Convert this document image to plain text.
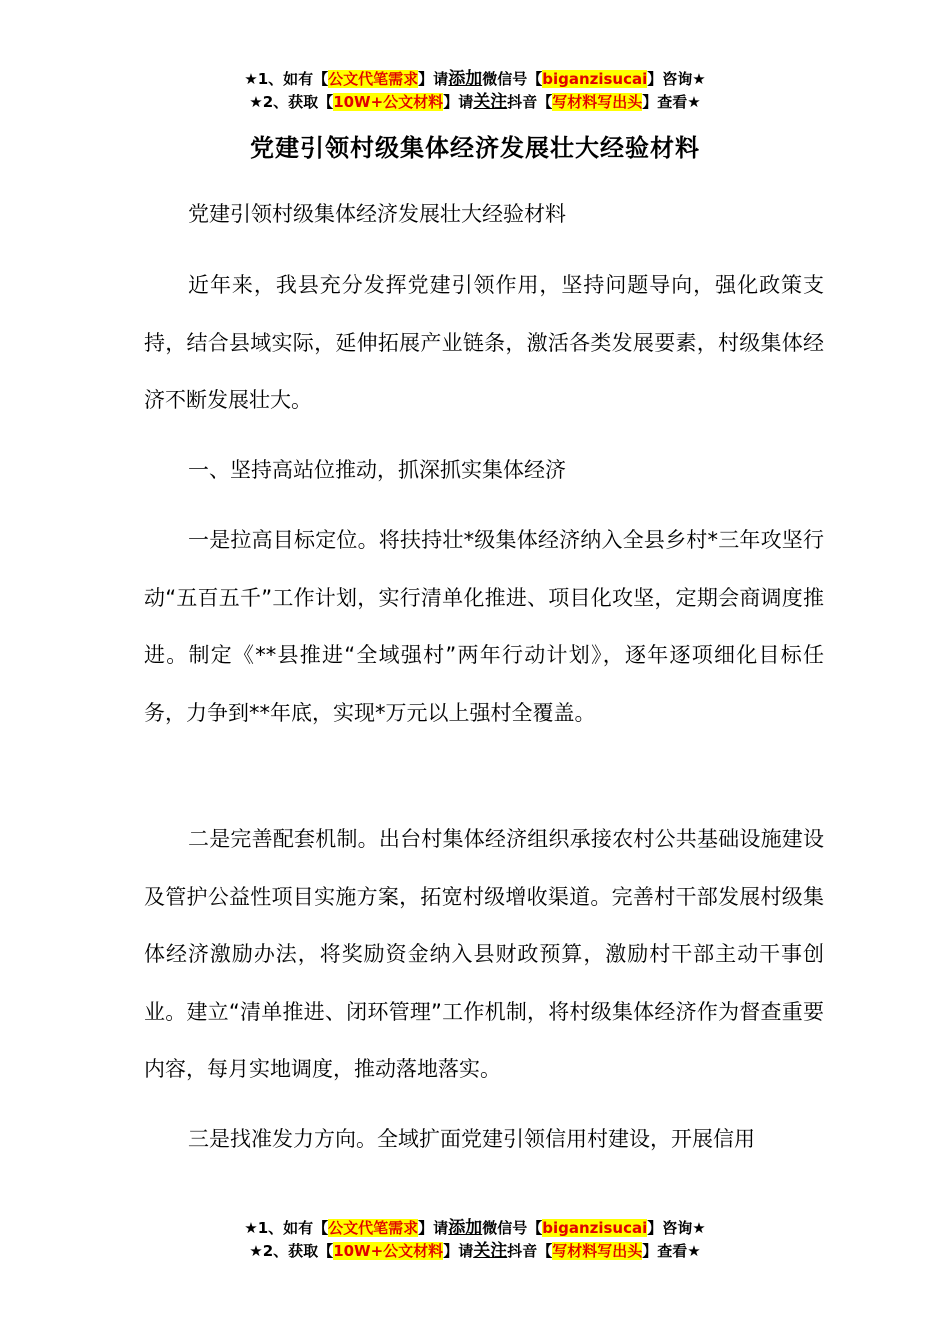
★1、如有【公文代笔需求】请添加微信号【biganzisucai】咨询★
★2、获取【10W+公文材料】请关注抖音【写材料写出头】查看★
党建引领村级集体经济发展壮大经验材料

党建引领村级集体经济发展壮大经验材料

近年来，我县充分发挥党建引领作用，坚持问题导向，强化政策支持，结合县域实际，延伸拓展产业链条，激活各类发展要素，村级集体经济不断发展壮大。

一、坚持高站位推动，抓深抓实集体经济

一是拉高目标定位。将扶持壮*级集体经济纳入全县乡村*三年攻坚行动“五百五千”工作计划，实行清单化推进、项目化攻坚，定期会商调度推进。制定《**县推进“全域强村”两年行动计划》，逐年逐项细化目标任务，力争到**年底，实现*万元以上强村全覆盖。

二是完善配套机制。出台村集体经济组织承接农村公共基础设施建设及管护公益性项目实施方案，拓宽村级增收渠道。完善村干部发展村级集体经济激励办法，将奖励资金纳入县财政预算，激励村干部主动干事创业。建立“清单推进、闭环管理”工作机制，将村级集体经济作为督查重要内容，每月实地调度，推动落地落实。

三是找准发力方向。全域扩面党建引领信用村建设，开展信用

★1、如有【公文代笔需求】请添加微信号【biganzisucai】咨询★
★2、获取【10W+公文材料】请关注抖音【写材料写出头】查看★
